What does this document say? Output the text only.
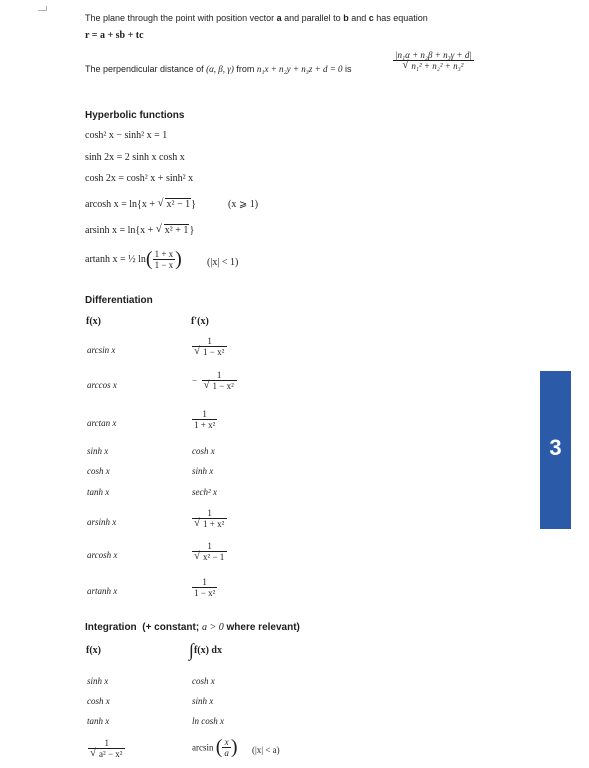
The plane through the point with position vector a and parallel to b and c has equation
r = a + sb + tc
The perpendicular distance of (α, β, γ) from n₁x + n₂y + n₃z + d = 0 is	$\frac{\text{|n₁α + n₂β + n₃γ + d|}}{\text{√ n₁² + n₂² + n₃²}}$
Hyperbolic functions
cosh² x − sinh² x = 1
sinh 2x = 2 sinh x cosh x
cosh 2x = cosh² x + sinh² x
arcosh x = ln{x + √ x² − 1}	(x ⩾ 1)
arsinh x = ln{x + √ x² + 1}
artanh x = ½ $\ln( \frac{1 + x}{1 - x}$ )	(|x| < 1)
Differentiation
f(x)	f′(x)
arcsin x	$\frac{1}{\text{√ 1 − x²}}$
arccos x	− $\frac{1}{\text{√ 1 − x²}}$
arctan x	$\frac{1}{\text{1 + x²}}$
sinh x	cosh x
cosh x	sinh x
tanh x	sech² x
arsinh x	$\frac{1}{\text{√ 1 + x²}}$
arcosh x	$\frac{1}{\text{√ x² − 1}}$
artanh x	$\frac{1}{\text{1 − x²}}$
Integration (+ constant; a > 0 where relevant)
f(x)	∫f(x) dx
sinh x	cosh x
cosh x	sinh x
tanh x	ln cosh x
$\frac{1}{\text{√ a² − x²}}$	arcsin ( $\frac{x}{a}$ ) (|x| < a)
3
